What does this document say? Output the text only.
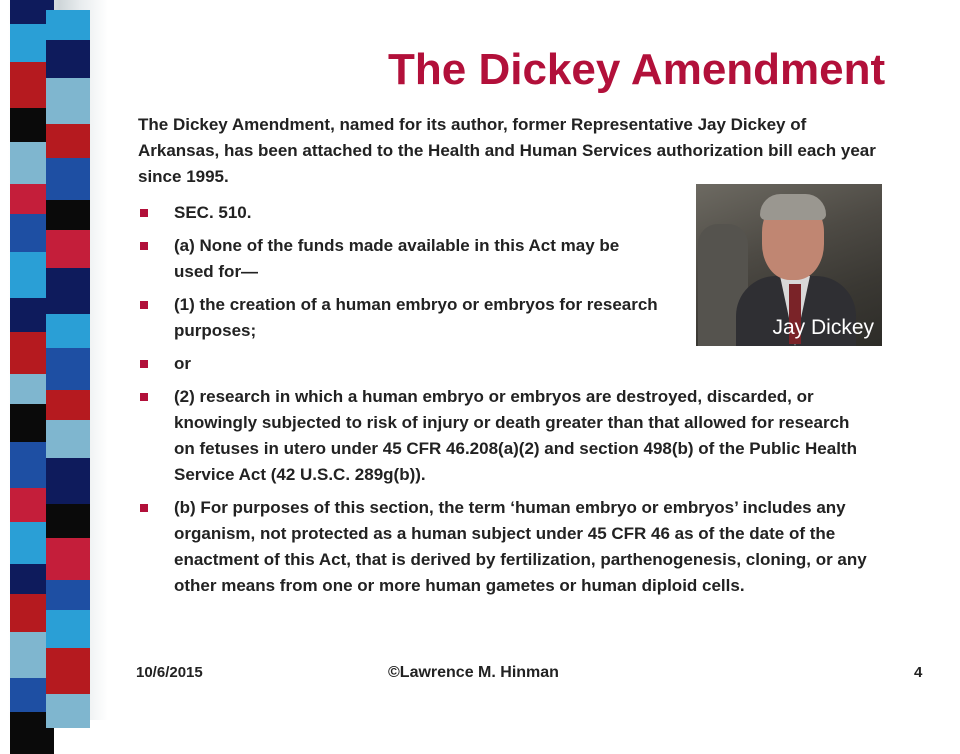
The Dickey Amendment
The Dickey Amendment, named for its author, former Representative Jay Dickey of Arkansas, has been attached to the Health and Human Services authorization bill each year since 1995.
SEC. 510.
(a) None of the funds made available in this Act may be used for—
(1) the creation of a human embryo or embryos for research purposes;
or
(2) research in which a human embryo or embryos are destroyed, discarded, or knowingly subjected to risk of injury or death greater than that allowed for research on fetuses in utero under 45 CFR 46.208(a)(2) and section 498(b) of the Public Health Service Act (42 U.S.C. 289g(b)).
(b) For purposes of this section, the term ‘human embryo or embryos’ includes any organism, not protected as a human subject under 45 CFR 46 as of the date of the enactment of this Act, that is derived by fertilization, parthenogenesis, cloning, or any other means from one or more human gametes or human diploid cells.
Jay Dickey
10/6/2015	©Lawrence M. Hinman	4
